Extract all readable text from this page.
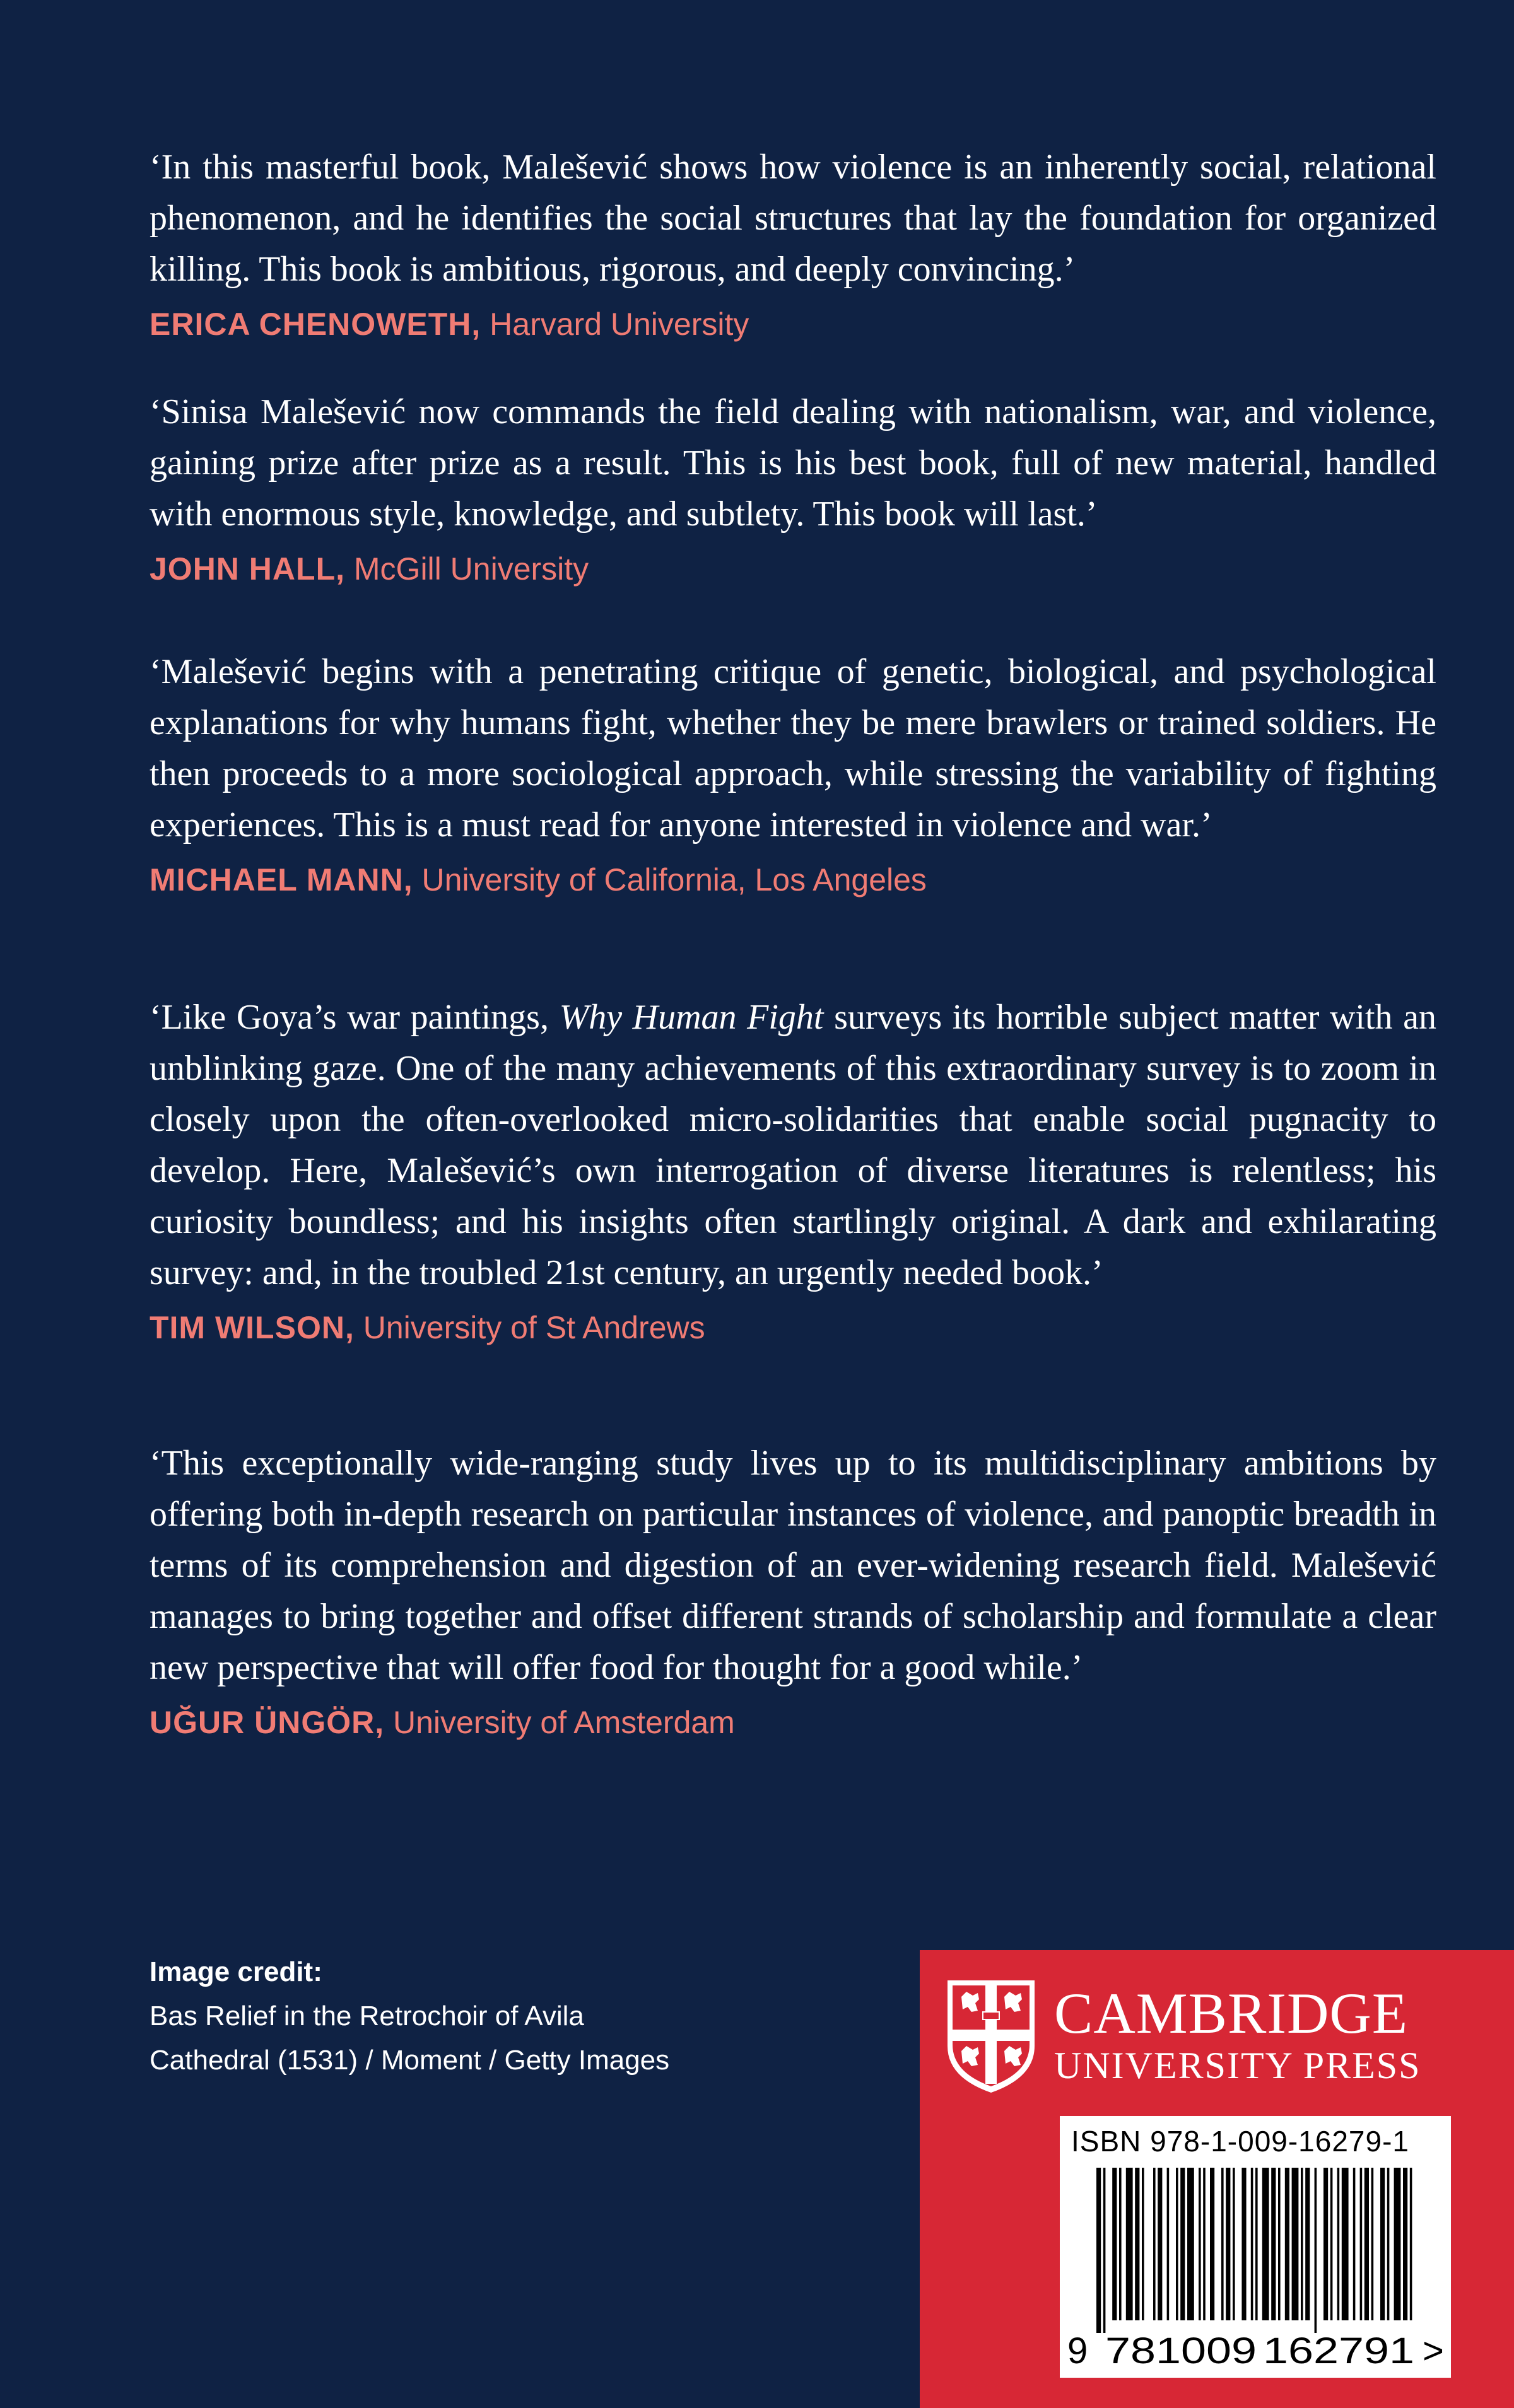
‘In this masterful book, Malešević shows how violence is an inherently social, relational phenomenon, and he identifies the social structures that lay the foundation for organized killing. This book is ambitious, rigorous, and deeply convincing.’

ERICA CHENOWETH, Harvard University

‘Sinisa Malešević now commands the field dealing with nationalism, war, and violence, gaining prize after prize as a result. This is his best book, full of new material, handled with enormous style, knowledge, and subtlety. This book will last.’

JOHN HALL, McGill University

‘Malešević begins with a penetrating critique of genetic, biological, and psychological explanations for why humans fight, whether they be mere brawlers or trained soldiers. He then proceeds to a more sociological approach, while stressing the variability of fighting experiences. This is a must read for anyone interested in violence and war.’

MICHAEL MANN, University of California, Los Angeles

‘Like Goya’s war paintings, Why Human Fight surveys its horrible subject matter with an unblinking gaze. One of the many achievements of this extraordinary survey is to zoom in closely upon the often-overlooked micro-solidarities that enable social pugnacity to develop. Here, Malešević’s own interrogation of diverse literatures is relentless; his curiosity boundless; and his insights often startlingly original. A dark and exhilarating survey: and, in the troubled 21st century, an urgently needed book.’

TIM WILSON, University of St Andrews

‘This exceptionally wide-ranging study lives up to its multidisciplinary ambitions by offering both in-depth research on particular instances of violence, and panoptic breadth in terms of its comprehension and digestion of an ever-widening research field. Malešević manages to bring together and offset different strands of scholarship and formulate a clear new perspective that will offer food for thought for a good while.’

UĞUR ÜNGÖR, University of Amsterdam

Image credit:
Bas Relief in the Retrochoir of Avila
Cathedral (1531) / Moment / Getty Images
CAMBRIDGE
UNIVERSITY PRESS
ISBN 978-1-009-16279-1
9 781009 162791 >
